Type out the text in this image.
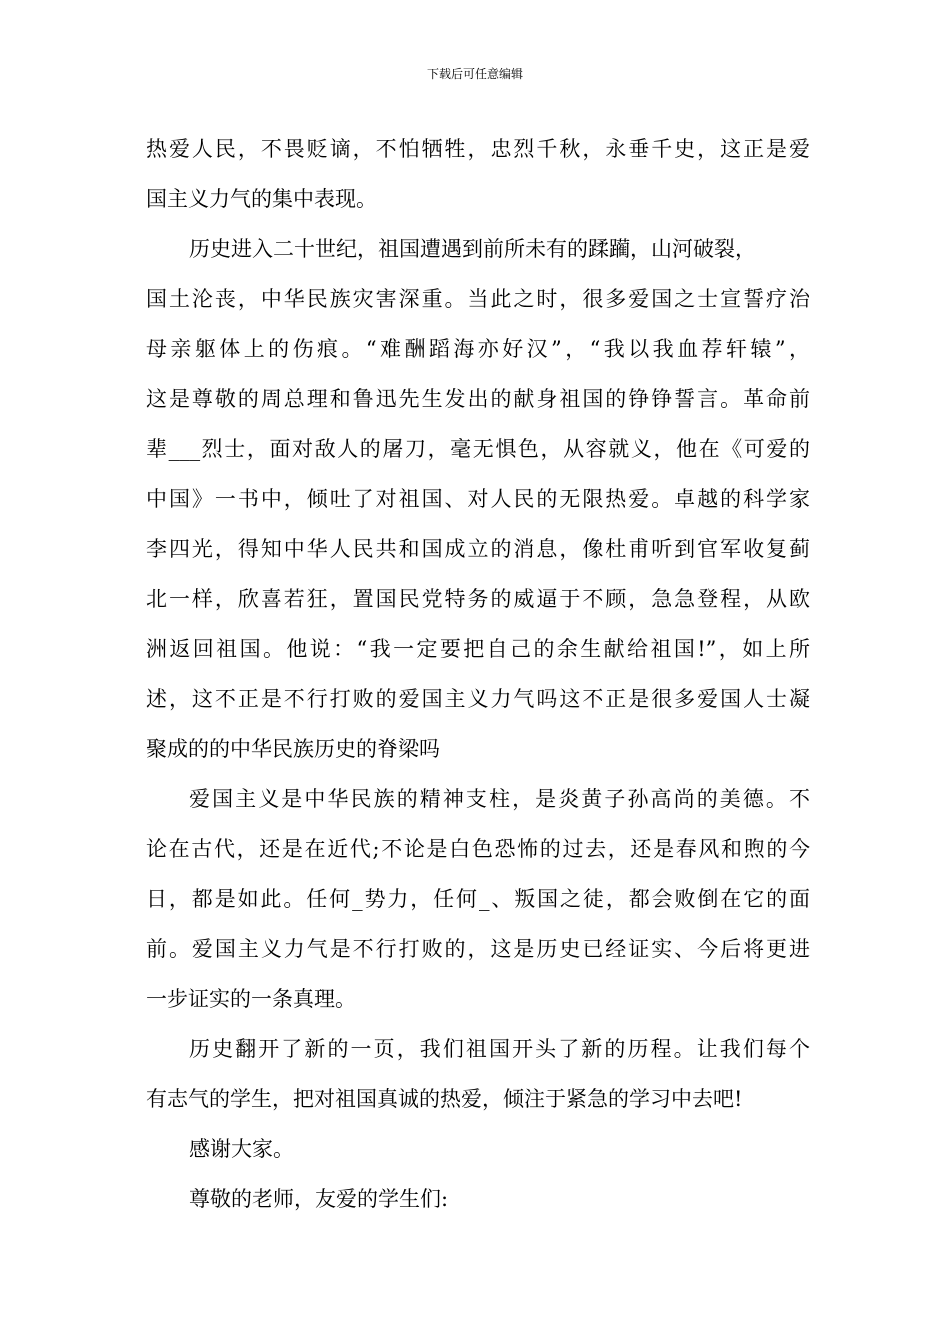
下载后可任意编辑
热爱人民，不畏贬谪，不怕牺牲，忠烈千秋，永垂千史，这正是爱
国主义力气的集中表现。
历史进入二十世纪，祖国遭遇到前所未有的蹂躏，山河破裂，
国土沦丧，中华民族灾害深重。当此之时，很多爱国之士宣誓疗治
母亲躯体上的伤痕。“难酬蹈海亦好汉”，“我以我血荐轩辕”，
这是尊敬的周总理和鲁迅先生发出的献身祖国的铮铮誓言。革命前
辈___烈士，面对敌人的屠刀，毫无惧色，从容就义，他在《可爱的
中国》一书中，倾吐了对祖国、对人民的无限热爱。卓越的科学家
李四光，得知中华人民共和国成立的消息，像杜甫听到官军收复蓟
北一样，欣喜若狂，置国民党特务的威逼于不顾，急急登程，从欧
洲返回祖国。他说：“我一定要把自己的余生献给祖国!”，如上所
述，这不正是不行打败的爱国主义力气吗这不正是很多爱国人士凝
聚成的的中华民族历史的脊梁吗
爱国主义是中华民族的精神支柱，是炎黄子孙高尚的美德。不
论在古代，还是在近代;不论是白色恐怖的过去，还是春风和煦的今
日，都是如此。任何_势力，任何_、叛国之徒，都会败倒在它的面
前。爱国主义力气是不行打败的，这是历史已经证实、今后将更进
一步证实的一条真理。
历史翻开了新的一页，我们祖国开头了新的历程。让我们每个
有志气的学生，把对祖国真诚的热爱，倾注于紧急的学习中去吧!
感谢大家。
尊敬的老师，友爱的学生们:
